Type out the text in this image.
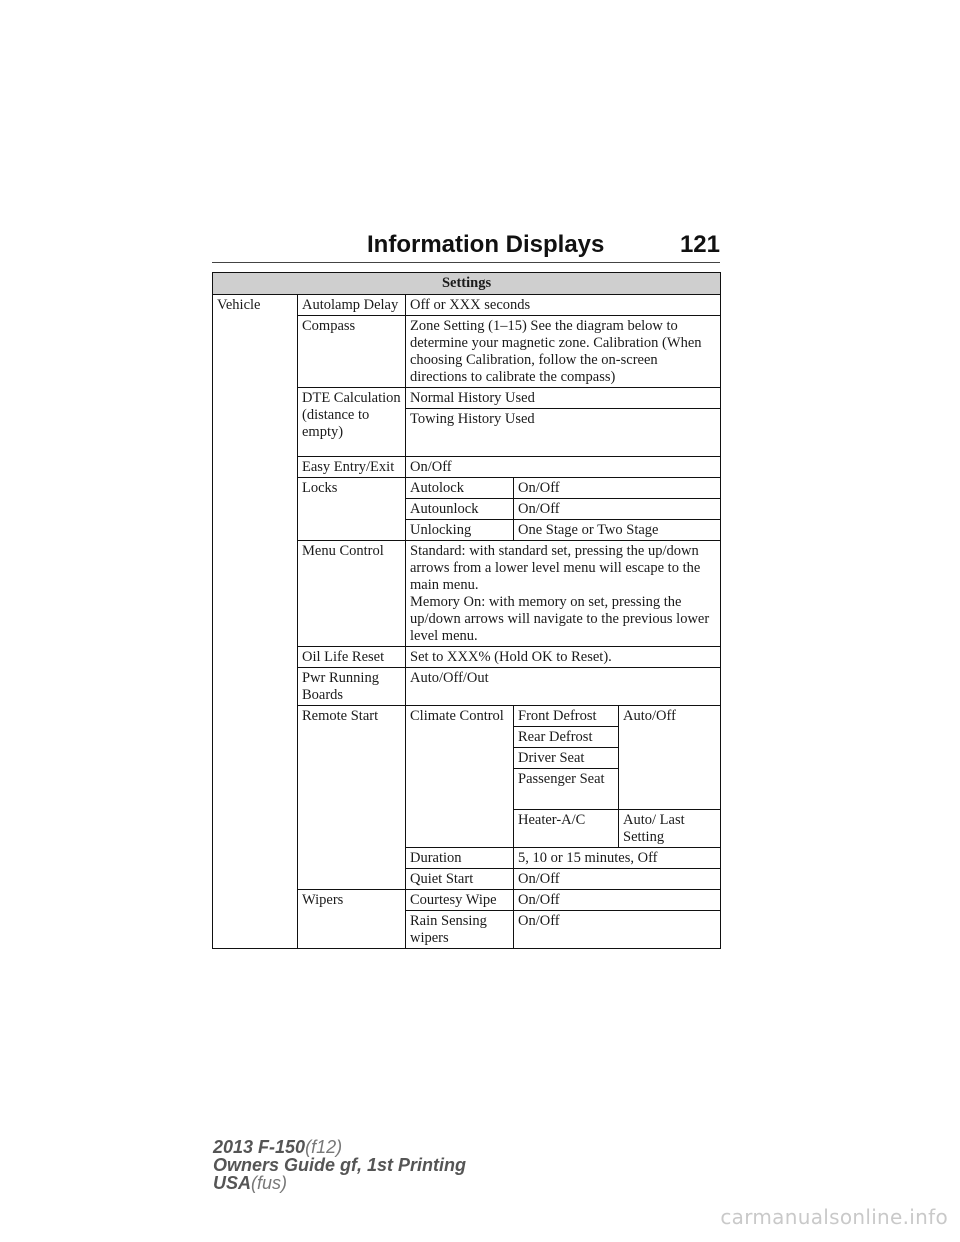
Information Displays	121
Settings				
Vehicle	Autolamp Delay	Off or XXX seconds		
	Compass	Zone Setting (1–15) See the diagram below to determine your magnetic zone. Calibration (When choosing Calibration, follow the on-screen directions to calibrate the compass)		
	DTE Calculation (distance to empty)	Normal History Used		
		Towing History Used		
	Easy Entry/Exit	On/Off		
	Locks	Autolock	On/Off	
		Autounlock	On/Off	
		Unlocking	One Stage or Two Stage	
	Menu Control	Standard: with standard set, pressing the up/down arrows from a lower level menu will escape to the main menu.
Memory On: with memory on set, pressing the up/down arrows will navigate to the previous lower level menu.		

	Oil Life Reset	Set to XXX% (Hold OK to Reset).		
	Pwr Running Boards	Auto/Off/Out		
	Remote Start	Climate Control	Front Defrost	Auto/Off
			Rear Defrost	
			Driver Seat	
			Passenger Seat	
			Heater-A/C	Auto/ Last Setting
		Duration	5, 10 or 15 minutes, Off	
		Quiet Start	On/Off	
	Wipers	Courtesy Wipe	On/Off	
		Rain Sensing wipers	On/Off	
2013 F-150(f12)
Owners Guide gf, 1st Printing
USA(fus)
carmanualsonline.info
